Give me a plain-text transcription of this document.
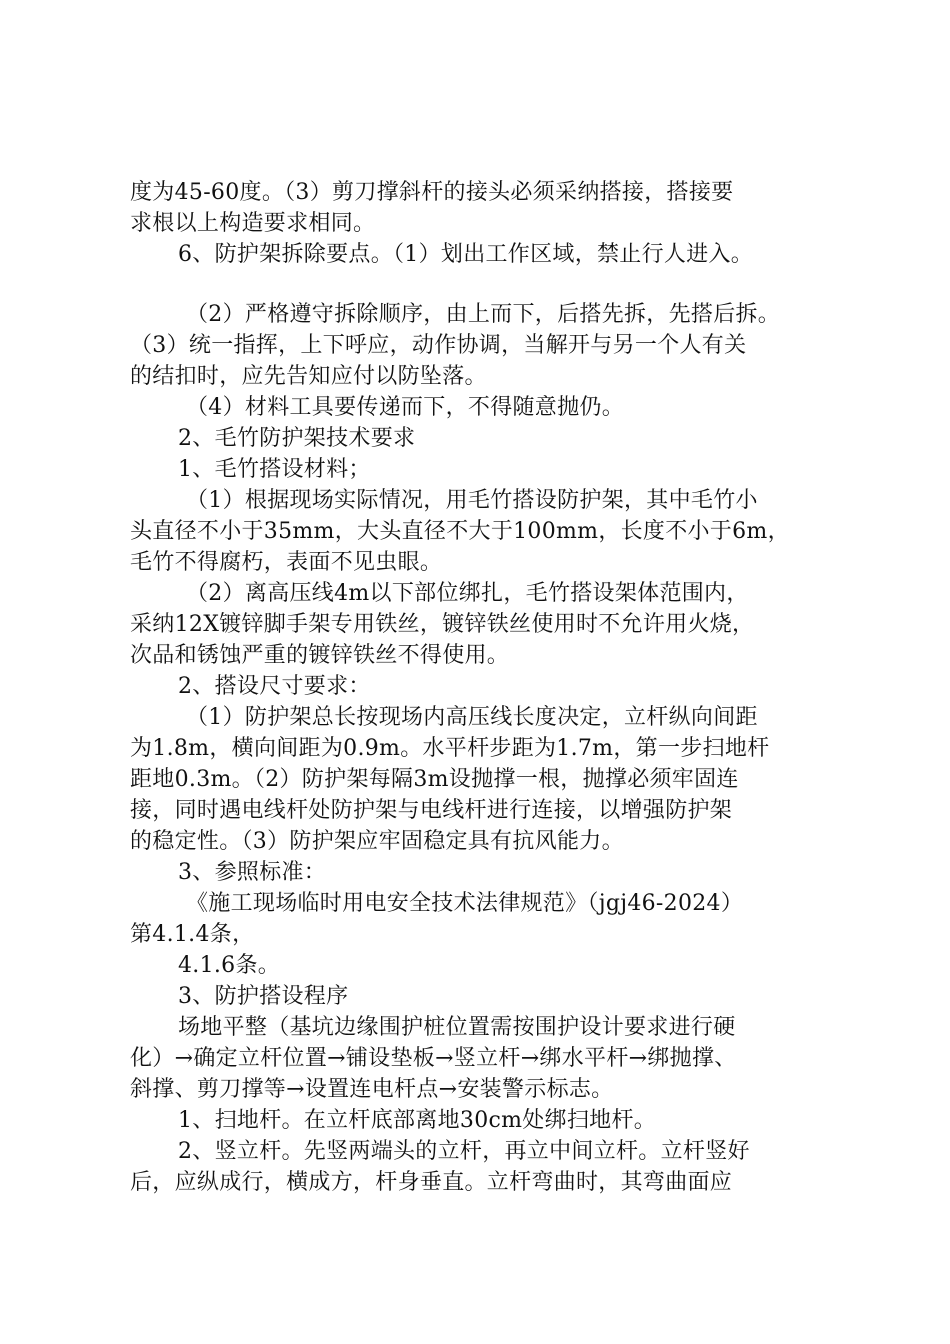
度为45-60度。（3）剪刀撑斜杆的接头必须采纳搭接，搭接要
求根以上构造要求相同。
6、防护架拆除要点。（1）划出工作区域，禁止行人进入。
（2）严格遵守拆除顺序，由上而下，后搭先拆，先搭后拆。
（3）统一指挥，上下呼应，动作协调，当解开与另一个人有关
的结扣时，应先告知应付以防坠落。
（4）材料工具要传递而下，不得随意抛仍。
2、毛竹防护架技术要求
1、毛竹搭设材料；
（1）根据现场实际情况，用毛竹搭设防护架，其中毛竹小
头直径不小于35mm，大头直径不大于100mm，长度不小于6m，
毛竹不得腐朽，表面不见虫眼。
（2）离高压线4m以下部位绑扎，毛竹搭设架体范围内，
采纳12X镀锌脚手架专用铁丝，镀锌铁丝使用时不允许用火烧，
次品和锈蚀严重的镀锌铁丝不得使用。
2、搭设尺寸要求：
（1）防护架总长按现场内高压线长度决定，立杆纵向间距
为1.8m，横向间距为0.9m。水平杆步距为1.7m，第一步扫地杆
距地0.3m。（2）防护架每隔3m设抛撑一根，抛撑必须牢固连
接，同时遇电线杆处防护架与电线杆进行连接，以增强防护架
的稳定性。（3）防护架应牢固稳定具有抗风能力。
3、参照标准：
《施工现场临时用电安全技术法律规范》（jgj46-2024）
第4.1.4条，
4.1.6条。
3、防护搭设程序
场地平整（基坑边缘围护桩位置需按围护设计要求进行硬
化）→确定立杆位置→铺设垫板→竖立杆→绑水平杆→绑抛撑、
斜撑、剪刀撑等→设置连电杆点→安装警示标志。
1、扫地杆。在立杆底部离地30cm处绑扫地杆。
2、竖立杆。先竖两端头的立杆，再立中间立杆。立杆竖好
后，应纵成行，横成方，杆身垂直。立杆弯曲时，其弯曲面应
